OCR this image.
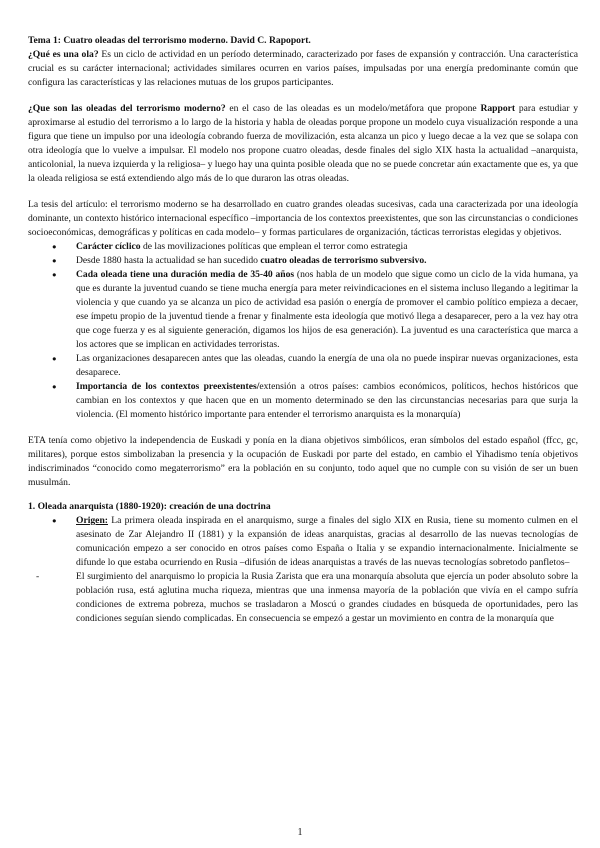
Tema 1: Cuatro oleadas del terrorismo moderno. David C. Rapoport.

¿Qué es una ola? Es un ciclo de actividad en un período determinado, caracterizado por fases de expansión y contracción. Una característica crucial es su carácter internacional; actividades similares ocurren en varios países, impulsadas por una energía predominante común que configura las características y las relaciones mutuas de los grupos participantes.

¿Que son las oleadas del terrorismo moderno? en el caso de las oleadas es un modelo/metáfora que propone Rapport para estudiar y aproximarse al estudio del terrorismo a lo largo de la historia y habla de oleadas porque propone un modelo cuya visualización responde a una figura que tiene un impulso por una ideología cobrando fuerza de movilización, esta alcanza un pico y luego decae a la vez que se solapa con otra ideología que lo vuelve a impulsar. El modelo nos propone cuatro oleadas, desde finales del siglo XIX hasta la actualidad –anarquista, anticolonial, la nueva izquierda y la religiosa– y luego hay una quinta posible oleada que no se puede concretar aún exactamente que es, ya que la oleada religiosa se está extendiendo algo más de lo que duraron las otras oleadas.

La tesis del artículo: el terrorismo moderno se ha desarrollado en cuatro grandes oleadas sucesivas, cada una caracterizada por una ideología dominante, un contexto histórico internacional específico –importancia de los contextos preexistentes, que son las circunstancias o condiciones socioeconómicas, demográficas y políticas en cada modelo– y formas particulares de organización, tácticas terroristas elegidas y objetivos.

● Carácter cíclico de las movilizaciones políticas que emplean el terror como estrategia
● Desde 1880 hasta la actualidad se han sucedido cuatro oleadas de terrorismo subversivo.
● Cada oleada tiene una duración media de 35-40 años (nos habla de un modelo que sigue como un ciclo de la vida humana, ya que es durante la juventud cuando se tiene mucha energía para meter reivindicaciones en el sistema incluso llegando a legitimar la violencia y que cuando ya se alcanza un pico de actividad esa pasión o energía de promover el cambio político empieza a decaer, ese ímpetu propio de la juventud tiende a frenar y finalmente esta ideología que motivó llega a desaparecer, pero a la vez hay otra que coge fuerza y es al siguiente generación, digamos los hijos de esa generación). La juventud es una característica que marca a los actores que se implican en actividades terroristas.
● Las organizaciones desaparecen antes que las oleadas, cuando la energía de una ola no puede inspirar nuevas organizaciones, esta desaparece.
● Importancia de los contextos preexistentes/extensión a otros países: cambios económicos, políticos, hechos históricos que cambian en los contextos y que hacen que en un momento determinado se den las circunstancias necesarias para que surja la violencia. (El momento histórico importante para entender el terrorismo anarquista es la monarquía)

ETA tenía como objetivo la independencia de Euskadi y ponía en la diana objetivos simbólicos, eran símbolos del estado español (ffcc, gc, militares), porque estos simbolizaban la presencia y la ocupación de Euskadi por parte del estado, en cambio el Yihadismo tenía objetivos indiscriminados “conocido como megaterrorismo” era la población en su conjunto, todo aquel que no cumple con su visión de ser un buen musulmán.

1. Oleada anarquista (1880-1920): creación de una doctrina

● Origen: La primera oleada inspirada en el anarquismo, surge a finales del siglo XIX en Rusia, tiene su momento culmen en el asesinato de Zar Alejandro II (1881) y la expansión de ideas anarquistas, gracias al desarrollo de las nuevas tecnologías de comunicación empezo a ser conocido en otros países como España o Italia y se expandio internacionalmente. Inicialmente se difunde lo que estaba ocurriendo en Rusia –difusión de ideas anarquistas a través de las nuevas tecnologías sobretodo panfletos–
- El surgimiento del anarquismo lo propicia la Rusia Zarista que era una monarquía absoluta que ejercía un poder absoluto sobre la población rusa, está aglutina mucha riqueza, mientras que una inmensa mayoría de la población que vivía en el campo sufría condiciones de extrema pobreza, muchos se trasladaron a Moscú o grandes ciudades en búsqueda de oportunidades, pero las condiciones seguían siendo complicadas. En consecuencia se empezó a gestar un movimiento en contra de la monarquía que
1
